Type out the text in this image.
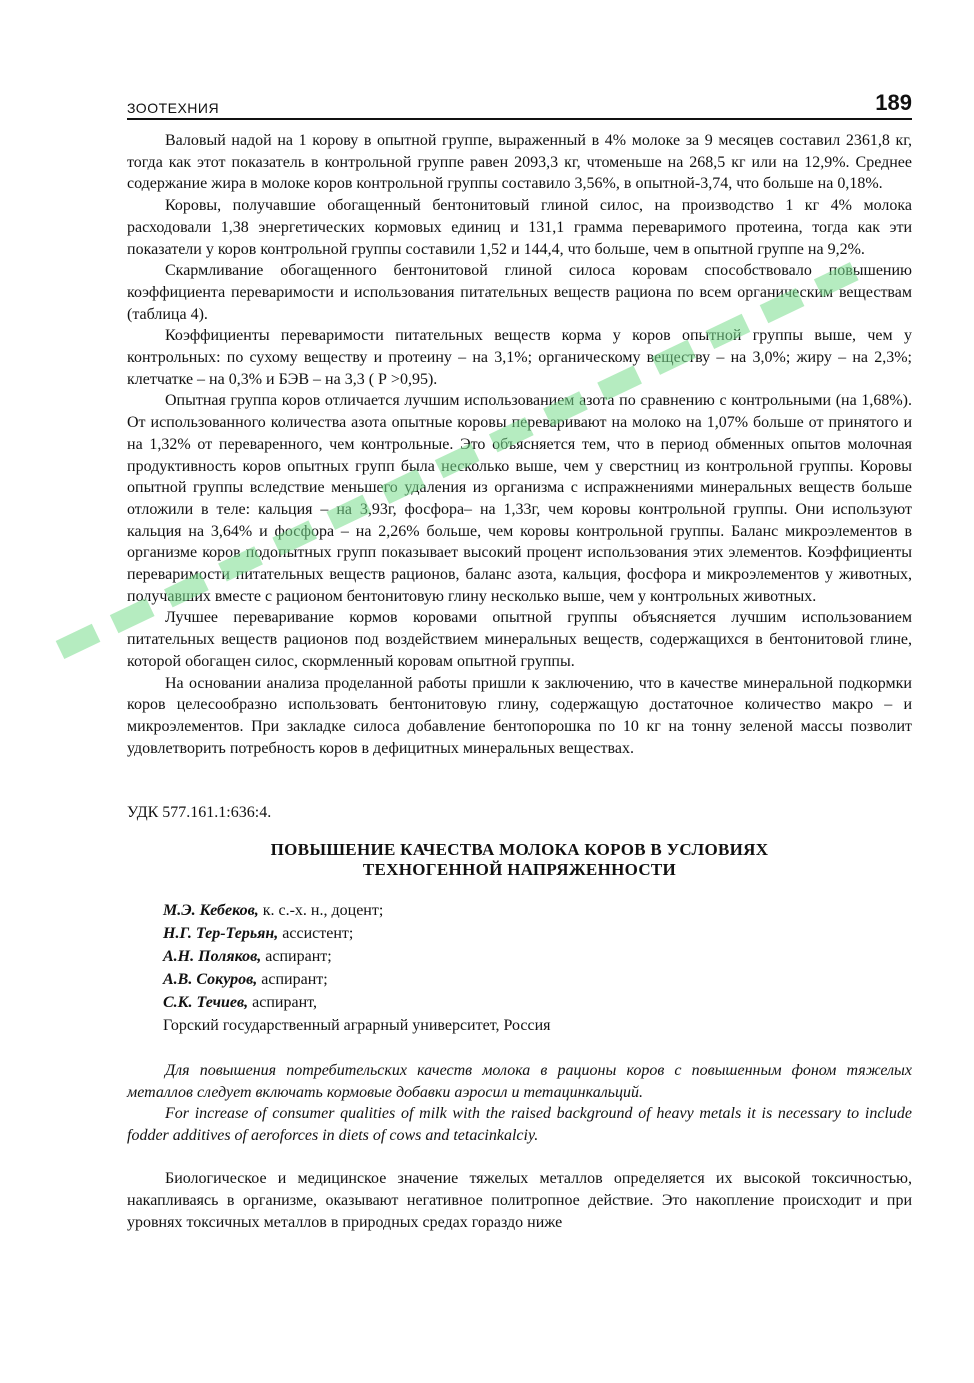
ЗООТЕХНИЯ	189

Валовый надой на 1 корову в опытной группе, выраженный в 4% молоке за 9 месяцев составил 2361,8 кг, тогда как этот показатель в контрольной группе равен 2093,3 кг, чтоменьше на 268,5 кг или на 12,9%. Среднее содержание жира в молоке коров контрольной группы составило 3,56%, в опытной-3,74, что больше на 0,18%.

Коровы, получавшие обогащенный бентонитовый глиной силос, на производство 1 кг 4% молока расходовали 1,38 энергетических кормовых единиц и 131,1 грамма переваримого протеина, тогда как эти показатели у коров контрольной группы составили 1,52 и 144,4, что больше, чем в опытной группе на 9,2%.

Скармливание обогащенного бентонитовой глиной силоса коровам способствовало повышению коэффициента переваримости и использования питательных веществ рациона по всем органическим веществам (таблица 4).

Коэффициенты переваримости питательных веществ корма у коров опытной группы выше, чем у контрольных: по сухому веществу и протеину – на 3,1%; органическому веществу – на 3,0%; жиру – на 2,3%; клетчатке – на 0,3% и БЭВ – на 3,3 ( Р >0,95).

Опытная группа коров отличается лучшим использованием азота по сравнению с контрольными (на 1,68%). От использованного количества азота опытные коровы переваривают на молоко на 1,07% больше от принятого и на 1,32% от переваренного, чем контрольные. Это объясняется тем, что в период обменных опытов молочная продуктивность коров опытных групп была несколько выше, чем у сверстниц из контрольной группы. Коровы опытной группы вследствие меньшего удаления из организма с испражнениями минеральных веществ больше отложили в теле: кальция – на 3,93г, фосфора– на 1,33г, чем коровы контрольной группы. Они используют кальция на 3,64% и фосфора – на 2,26% больше, чем коровы контрольной группы. Баланс микроэлементов в организме коров подопытных групп показывает высокий процент использования этих элементов. Коэффициенты переваримости питательных веществ рационов, баланс азота, кальция, фосфора и микроэлементов у животных, получавших вместе с рационом бентонитовую глину несколько выше, чем у контрольных животных.

Лучшее переваривание кормов коровами опытной группы объясняется лучшим использованием питательных веществ рационов под воздействием минеральных веществ, содержащихся в бентонитовой глине, которой обогащен силос, скормленный коровам опытной группы.

На основании анализа проделанной работы пришли к заключению, что в качестве минеральной подкормки коров целесообразно использовать бентонитовую глину, содержащую достаточное количество макро – и микроэлементов. При закладке силоса добавление бентопорошка по 10 кг на тонну зеленой массы позволит удовлетворить потребность коров в дефицитных минеральных веществах.

УДК 577.161.1:636:4.

ПОВЫШЕНИЕ КАЧЕСТВА МОЛОКА КОРОВ В УСЛОВИЯХ
ТЕХНОГЕННОЙ НАПРЯЖЕННОСТИ
М.Э. Кебеков, к. с.-х. н., доцент;
Н.Г. Тер-Терьян, ассистент;
А.Н. Поляков, аспирант;
А.В. Сокуров, аспирант;
С.К. Течиев, аспирант,
Горский государственный аграрный университет, Россия

Для повышения потребительских качеств молока в рационы коров с повышенным фоном тяжелых металлов следует включать кормовые добавки аэросил и тетацинкальций.

For increase of consumer qualities of milk with the raised background of heavy metals it is necessary to include fodder additives of aeroforces in diets of cows and tetacinkalciy.

Биологическое и медицинское значение тяжелых металлов определяется их высокой токсичностью, накапливаясь в организме, оказывают негативное политропное действие. Это накопление происходит и при уровнях токсичных металлов в природных средах гораздо ниже
